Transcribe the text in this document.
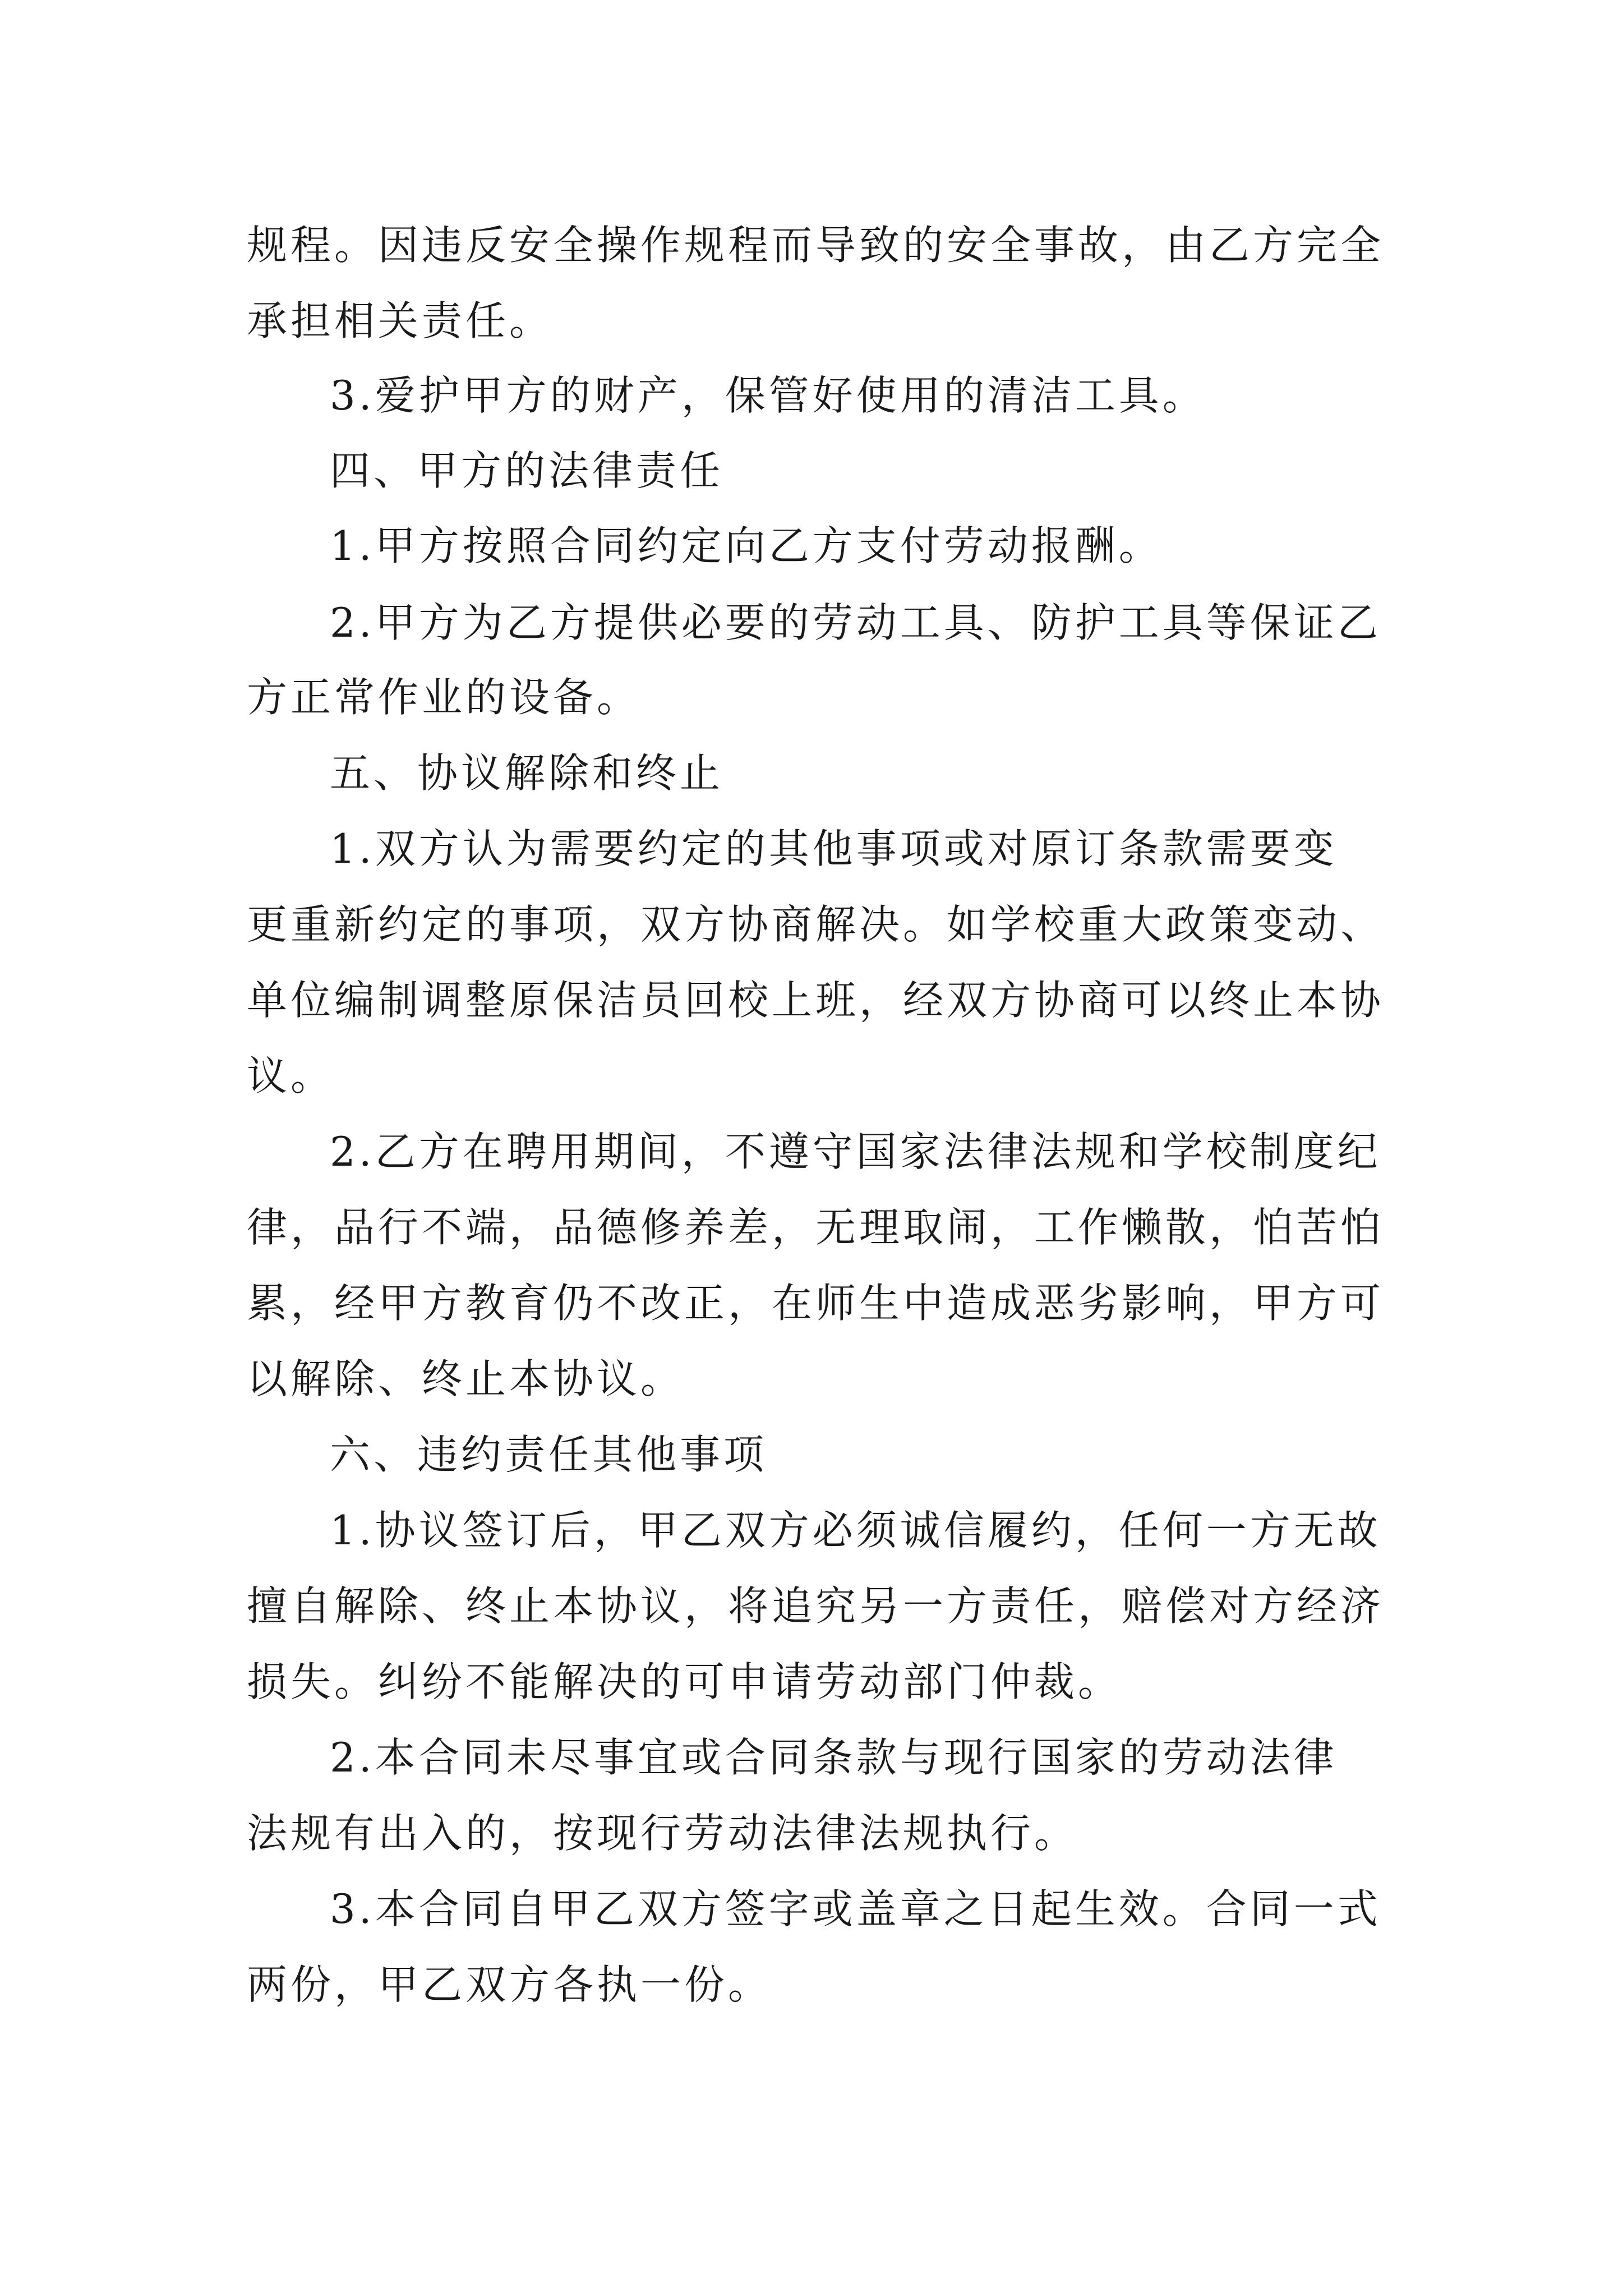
规程。因违反安全操作规程而导致的安全事故，由乙方完全
承担相关责任。
3.爱护甲方的财产，保管好使用的清洁工具。
四、甲方的法律责任
1.甲方按照合同约定向乙方支付劳动报酬。
2.甲方为乙方提供必要的劳动工具、防护工具等保证乙
方正常作业的设备。
五、协议解除和终止
1.双方认为需要约定的其他事项或对原订条款需要变
更重新约定的事项，双方协商解决。如学校重大政策变动、
单位编制调整原保洁员回校上班，经双方协商可以终止本协
议。
2.乙方在聘用期间，不遵守国家法律法规和学校制度纪
律，品行不端，品德修养差，无理取闹，工作懒散，怕苦怕
累，经甲方教育仍不改正，在师生中造成恶劣影响，甲方可
以解除、终止本协议。
六、违约责任其他事项
1.协议签订后，甲乙双方必须诚信履约，任何一方无故
擅自解除、终止本协议，将追究另一方责任，赔偿对方经济
损失。纠纷不能解决的可申请劳动部门仲裁。
2.本合同未尽事宜或合同条款与现行国家的劳动法律
法规有出入的，按现行劳动法律法规执行。
3.本合同自甲乙双方签字或盖章之日起生效。合同一式
两份，甲乙双方各执一份。
